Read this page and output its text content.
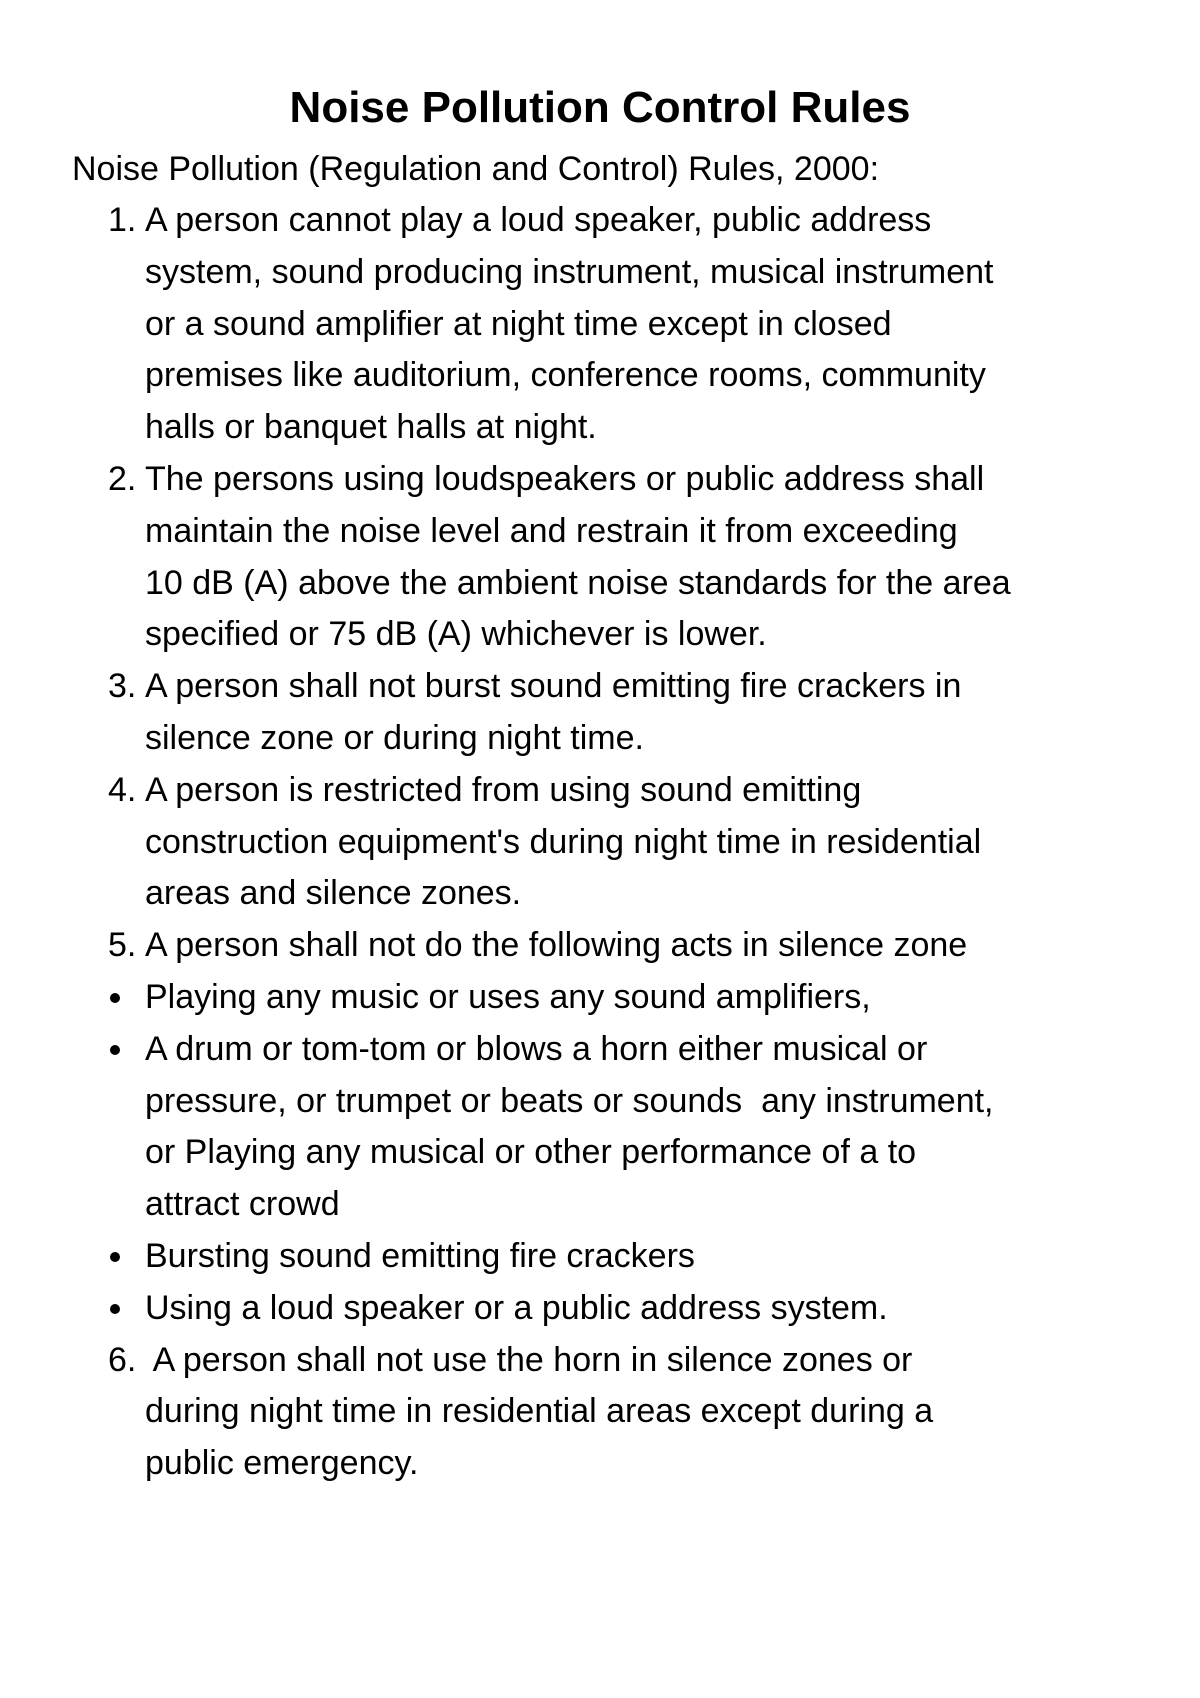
Noise Pollution Control Rules

Noise Pollution (Regulation and Control) Rules, 2000:

1. A person cannot play a loud speaker, public address
system, sound producing instrument, musical instrument
or a sound amplifier at night time except in closed
premises like auditorium, conference rooms, community
halls or banquet halls at night.
2. The persons using loudspeakers or public address shall
maintain the noise level and restrain it from exceeding
10 dB (A) above the ambient noise standards for the area
specified or 75 dB (A) whichever is lower.
3. A person shall not burst sound emitting fire crackers in
silence zone or during night time.
4. A person is restricted from using sound emitting
construction equipment's during night time in residential
areas and silence zones.
5. A person shall not do the following acts in silence zone
Playing any music or uses any sound amplifiers,
A drum or tom-tom or blows a horn either musical or
pressure, or trumpet or beats or sounds  any instrument,
or Playing any musical or other performance of a to
attract crowd
Bursting sound emitting fire crackers
Using a loud speaker or a public address system.
6. A person shall not use the horn in silence zones or
during night time in residential areas except during a
public emergency.
